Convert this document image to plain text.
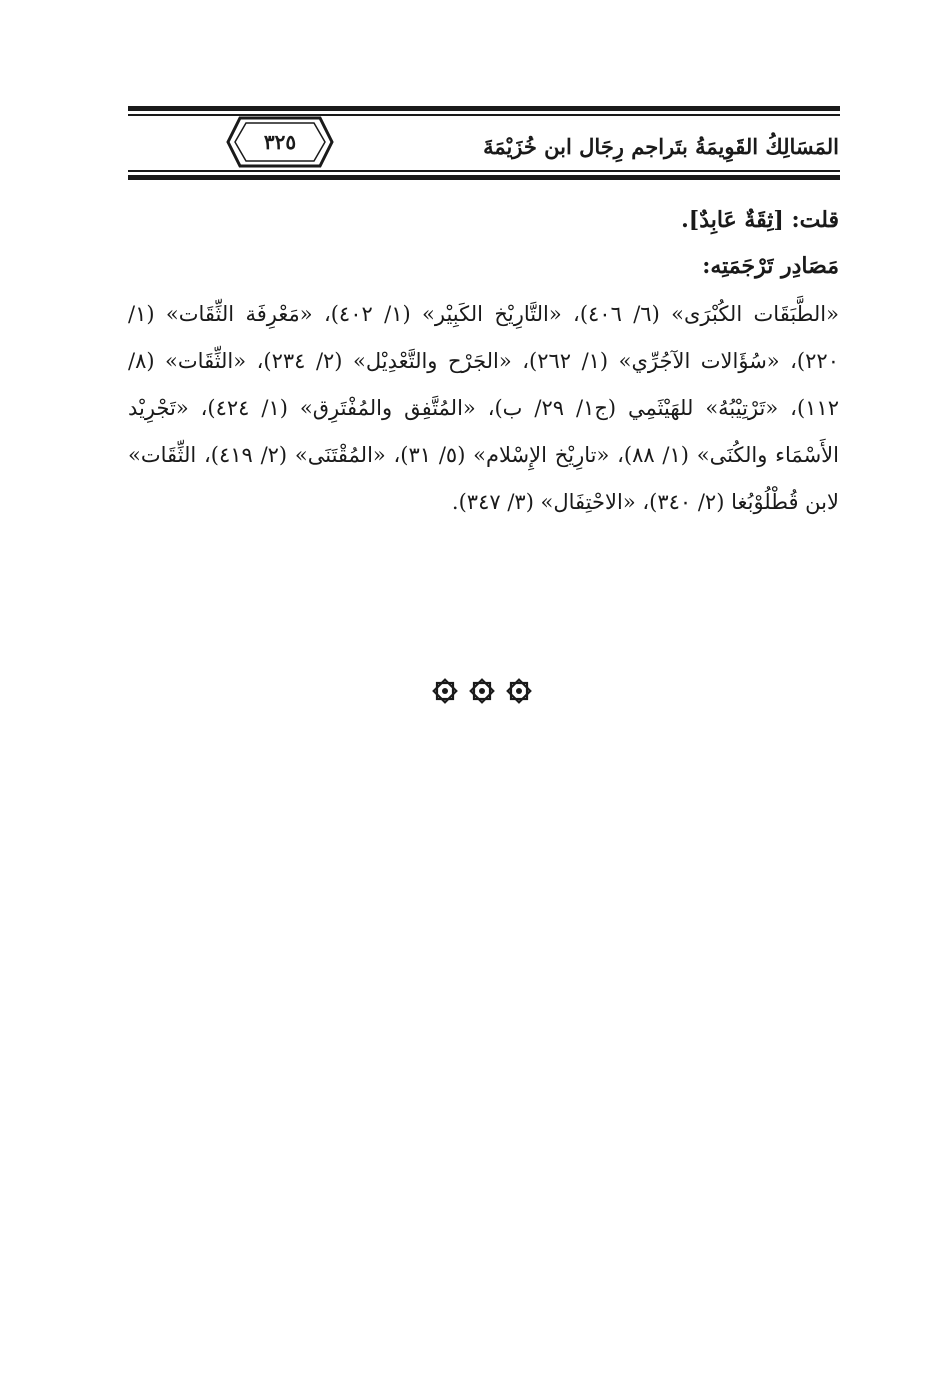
المَسَالِكُ القَوِيمَةُ بتَراجم رِجَال ابن خُزَيْمَةَ
٣٢٥
قلت: [ثِقَةٌ عَابِدٌ].
مَصَادِر تَرْجَمَتِه:
«الطَّبَقَات الكُبْرَى» (٦/ ٤٠٦)، «التَّارِيْخ الكَبِيْر» (١/ ٤٠٢)، «مَعْرِفَة الثِّقَات» (١/ ٢٢٠)، «سُؤَالات الآجُرِّي» (١/ ٢٦٢)، «الجَرْح والتَّعْدِيْل» (٢/ ٢٣٤)، «الثِّقَات» (٨/ ١١٢)، «تَرْتِيْبُهُ» للهَيْثَمِي (ج١/ ٢٩/ ب)، «المُتَّفِق والمُفْتَرِق» (١/ ٤٢٤)، «تَجْرِيْد الأَسْمَاء والكُنَى» (١/ ٨٨)، «تارِيْخ الإِسْلام» (٥/ ٣١)، «المُقْتَنَى» (٢/ ٤١٩)، الثِّقَات» لابن قُطْلُوْبُغا (٢/ ٣٤٠)، «الاحْتِفَال» (٣/ ٣٤٧).
